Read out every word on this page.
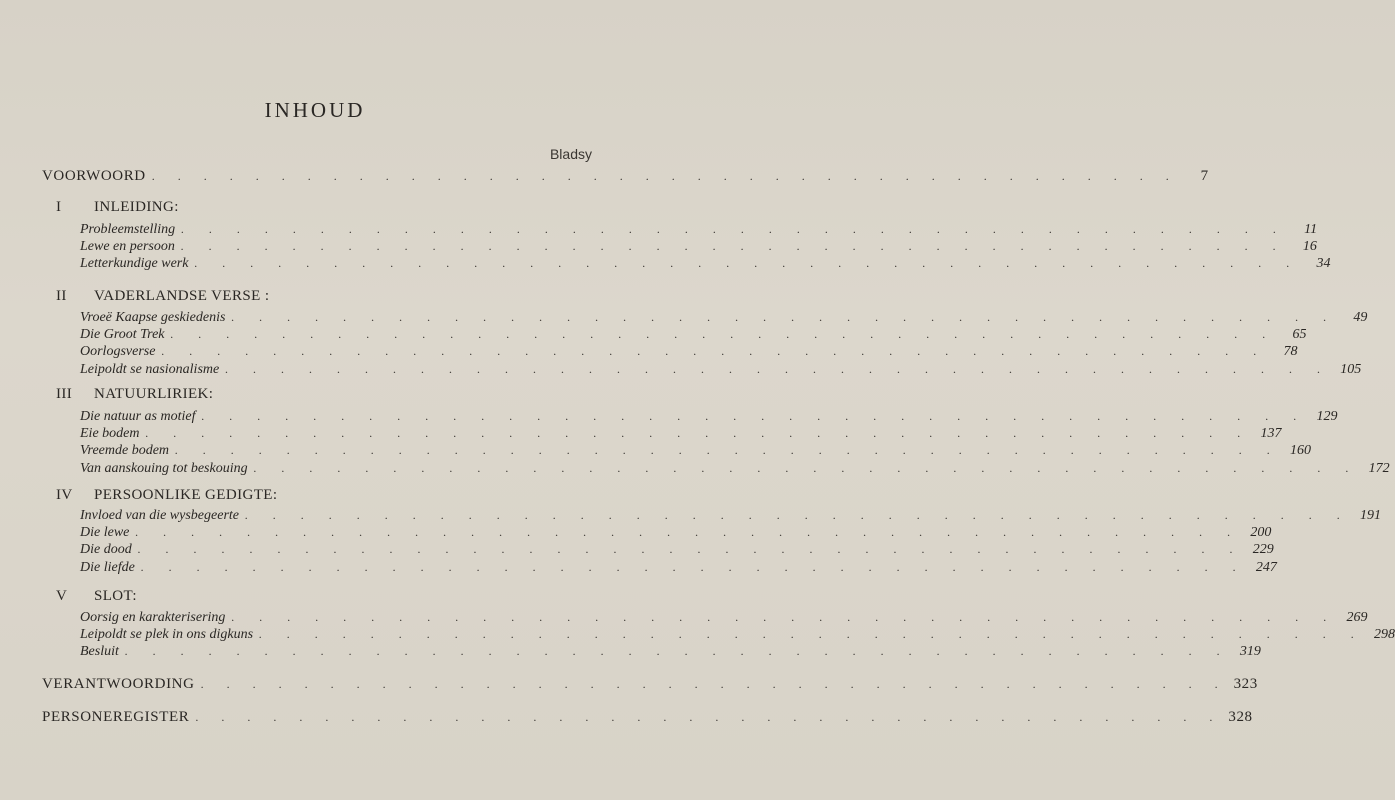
INHOUD
Bladsy
VOORWOORD . . . . . . . . . . . . . . . . . . . . . . . . . . . . . . . . . . . . . . . .	7
I	INLEIDING:
Probleemstelling . . . . . . . . . . . . . . . . . . . . . . . . . . . . . . . . . . . . . . . .	11
Lewe en persoon . . . . . . . . . . . . . . . . . . . . . . . . . . . . . . . . . . . . . . . .	16
Letterkundige werk . . . . . . . . . . . . . . . . . . . . . . . . . . . . . . . . . . . . . . . .	34
II	VADERLANDSE VERSE :
Vroeë Kaapse geskiedenis . . . . . . . . . . . . . . . . . . . . . . . . . . . . . . . . . . . . . . . .	49
Die Groot Trek . . . . . . . . . . . . . . . . . . . . . . . . . . . . . . . . . . . . . . . .	65
Oorlogsverse . . . . . . . . . . . . . . . . . . . . . . . . . . . . . . . . . . . . . . . .	78
Leipoldt se nasionalisme . . . . . . . . . . . . . . . . . . . . . . . . . . . . . . . . . . . . . . . . 105
III	NATUURLIRIEK:
Die natuur as motief . . . . . . . . . . . . . . . . . . . . . . . . . . . . . . . . . . . . . . . . 129
Eie bodem . . . . . . . . . . . . . . . . . . . . . . . . . . . . . . . . . . . . . . . . 137
Vreemde bodem . . . . . . . . . . . . . . . . . . . . . . . . . . . . . . . . . . . . . . . . 160
Van aanskouing tot beskouing . . . . . . . . . . . . . . . . . . . . . . . . . . . . . . . . . . . . . . . . 172
IV	PERSOONLIKE GEDIGTE:
Invloed van die wysbegeerte . . . . . . . . . . . . . . . . . . . . . . . . . . . . . . . . . . . . . . . . 191
Die lewe . . . . . . . . . . . . . . . . . . . . . . . . . . . . . . . . . . . . . . . . 200
Die dood . . . . . . . . . . . . . . . . . . . . . . . . . . . . . . . . . . . . . . . . 229
Die liefde . . . . . . . . . . . . . . . . . . . . . . . . . . . . . . . . . . . . . . . . 247
V	SLOT:
Oorsig en karakterisering . . . . . . . . . . . . . . . . . . . . . . . . . . . . . . . . . . . . . . . . 269
Leipoldt se plek in ons digkuns . . . . . . . . . . . . . . . . . . . . . . . . . . . . . . . . . . . . . . . . 298
Besluit . . . . . . . . . . . . . . . . . . . . . . . . . . . . . . . . . . . . . . . . 319
VERANTWOORDING . . . . . . . . . . . . . . . . . . . . . . . . . . . . . . . . . . . . . . . . 323
PERSONEREGISTER . . . . . . . . . . . . . . . . . . . . . . . . . . . . . . . . . . . . . . . . 328
